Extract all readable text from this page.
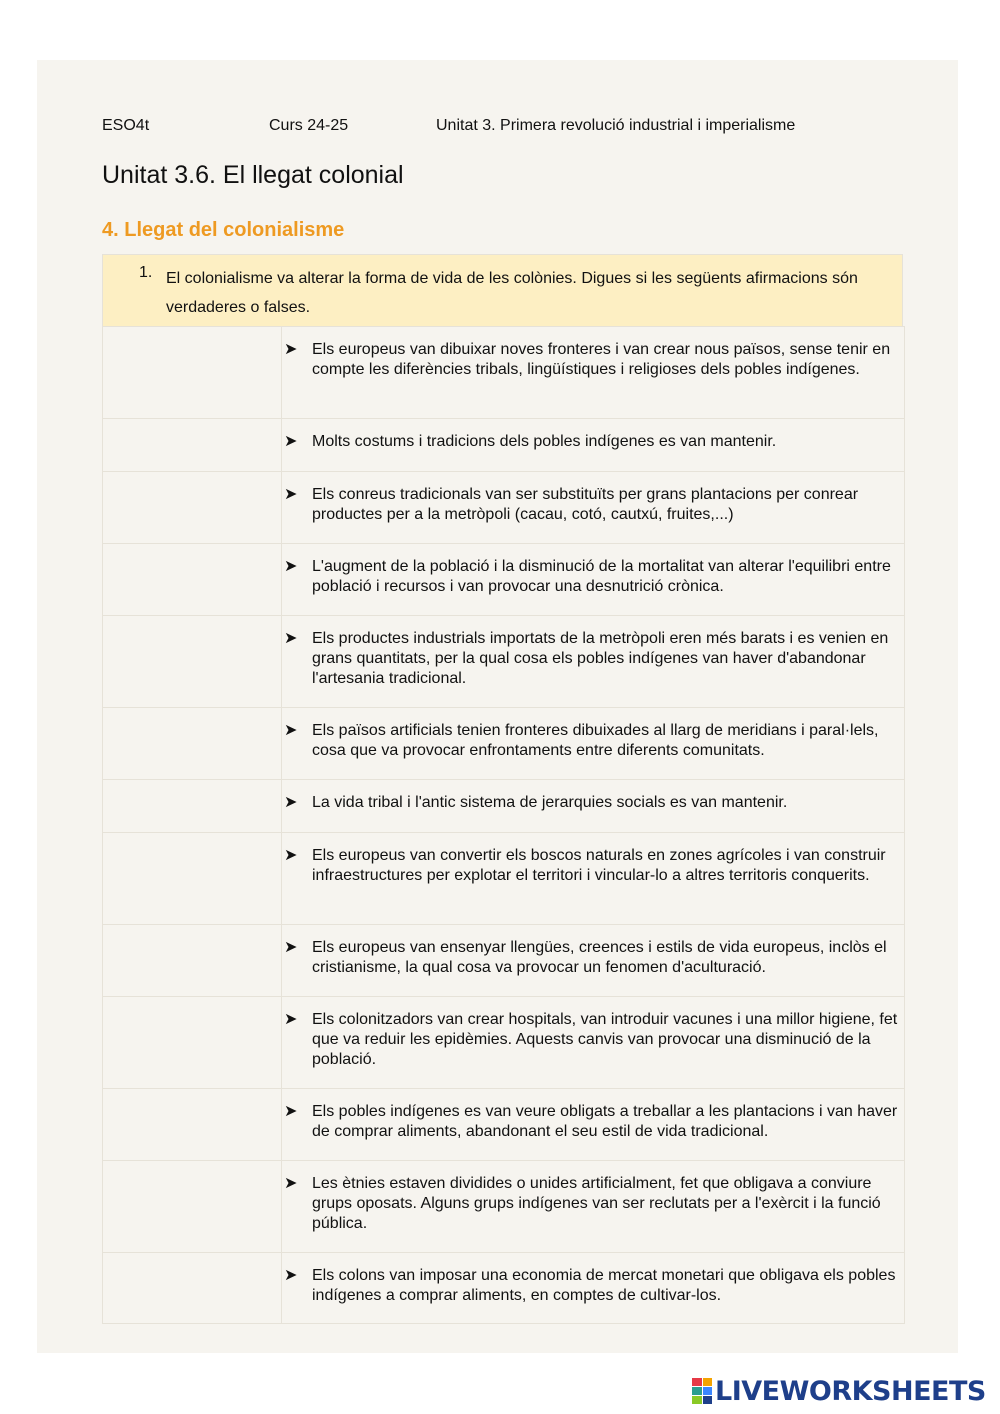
ESO4t	Curs 24-25	Unitat 3. Primera revolució industrial i imperialisme
Unitat 3.6. El llegat colonial
4. Llegat del colonialisme
1. El colonialisme va alterar la forma de vida de les colònies. Digues si les següents afirmacions són verdaderes o falses.
➤ Els europeus van dibuixar noves fronteres i van crear nous països, sense tenir en compte les diferències tribals, lingüístiques i religioses dels pobles indígenes.
➤ Molts costums i tradicions dels pobles indígenes es van mantenir.
➤ Els conreus tradicionals van ser substituïts per grans plantacions per conrear productes per a la metròpoli (cacau, cotó, cautxú, fruites,...)
➤ L'augment de la població i la disminució de la mortalitat van alterar l'equilibri entre població i recursos i van provocar una desnutrició crònica.
➤ Els productes industrials importats de la metròpoli eren més barats i es venien en grans quantitats, per la qual cosa els pobles indígenes van haver d'abandonar l'artesania tradicional.
➤ Els països artificials tenien fronteres dibuixades al llarg de meridians i paral·lels, cosa que va provocar enfrontaments entre diferents comunitats.
➤ La vida tribal i l'antic sistema de jerarquies socials es van mantenir.
➤ Els europeus van convertir els boscos naturals en zones agrícoles i van construir infraestructures per explotar el territori i vincular-lo a altres territoris conquerits.
➤ Els europeus van ensenyar llengües, creences i estils de vida europeus, inclòs el cristianisme, la qual cosa va provocar un fenomen d'aculturació.
➤ Els colonitzadors van crear hospitals, van introduir vacunes i una millor higiene, fet que va reduir les epidèmies. Aquests canvis van provocar una disminució de la població.
➤ Els pobles indígenes es van veure obligats a treballar a les plantacions i van haver de comprar aliments, abandonant el seu estil de vida tradicional.
➤ Les ètnies estaven dividides o unides artificialment, fet que obligava a conviure grups oposats. Alguns grups indígenes van ser reclutats per a l'exèrcit i la funció pública.
➤ Els colons van imposar una economia de mercat monetari que obligava els pobles indígenes a comprar aliments, en comptes de cultivar-los.
LIVEWORKSHEETS
